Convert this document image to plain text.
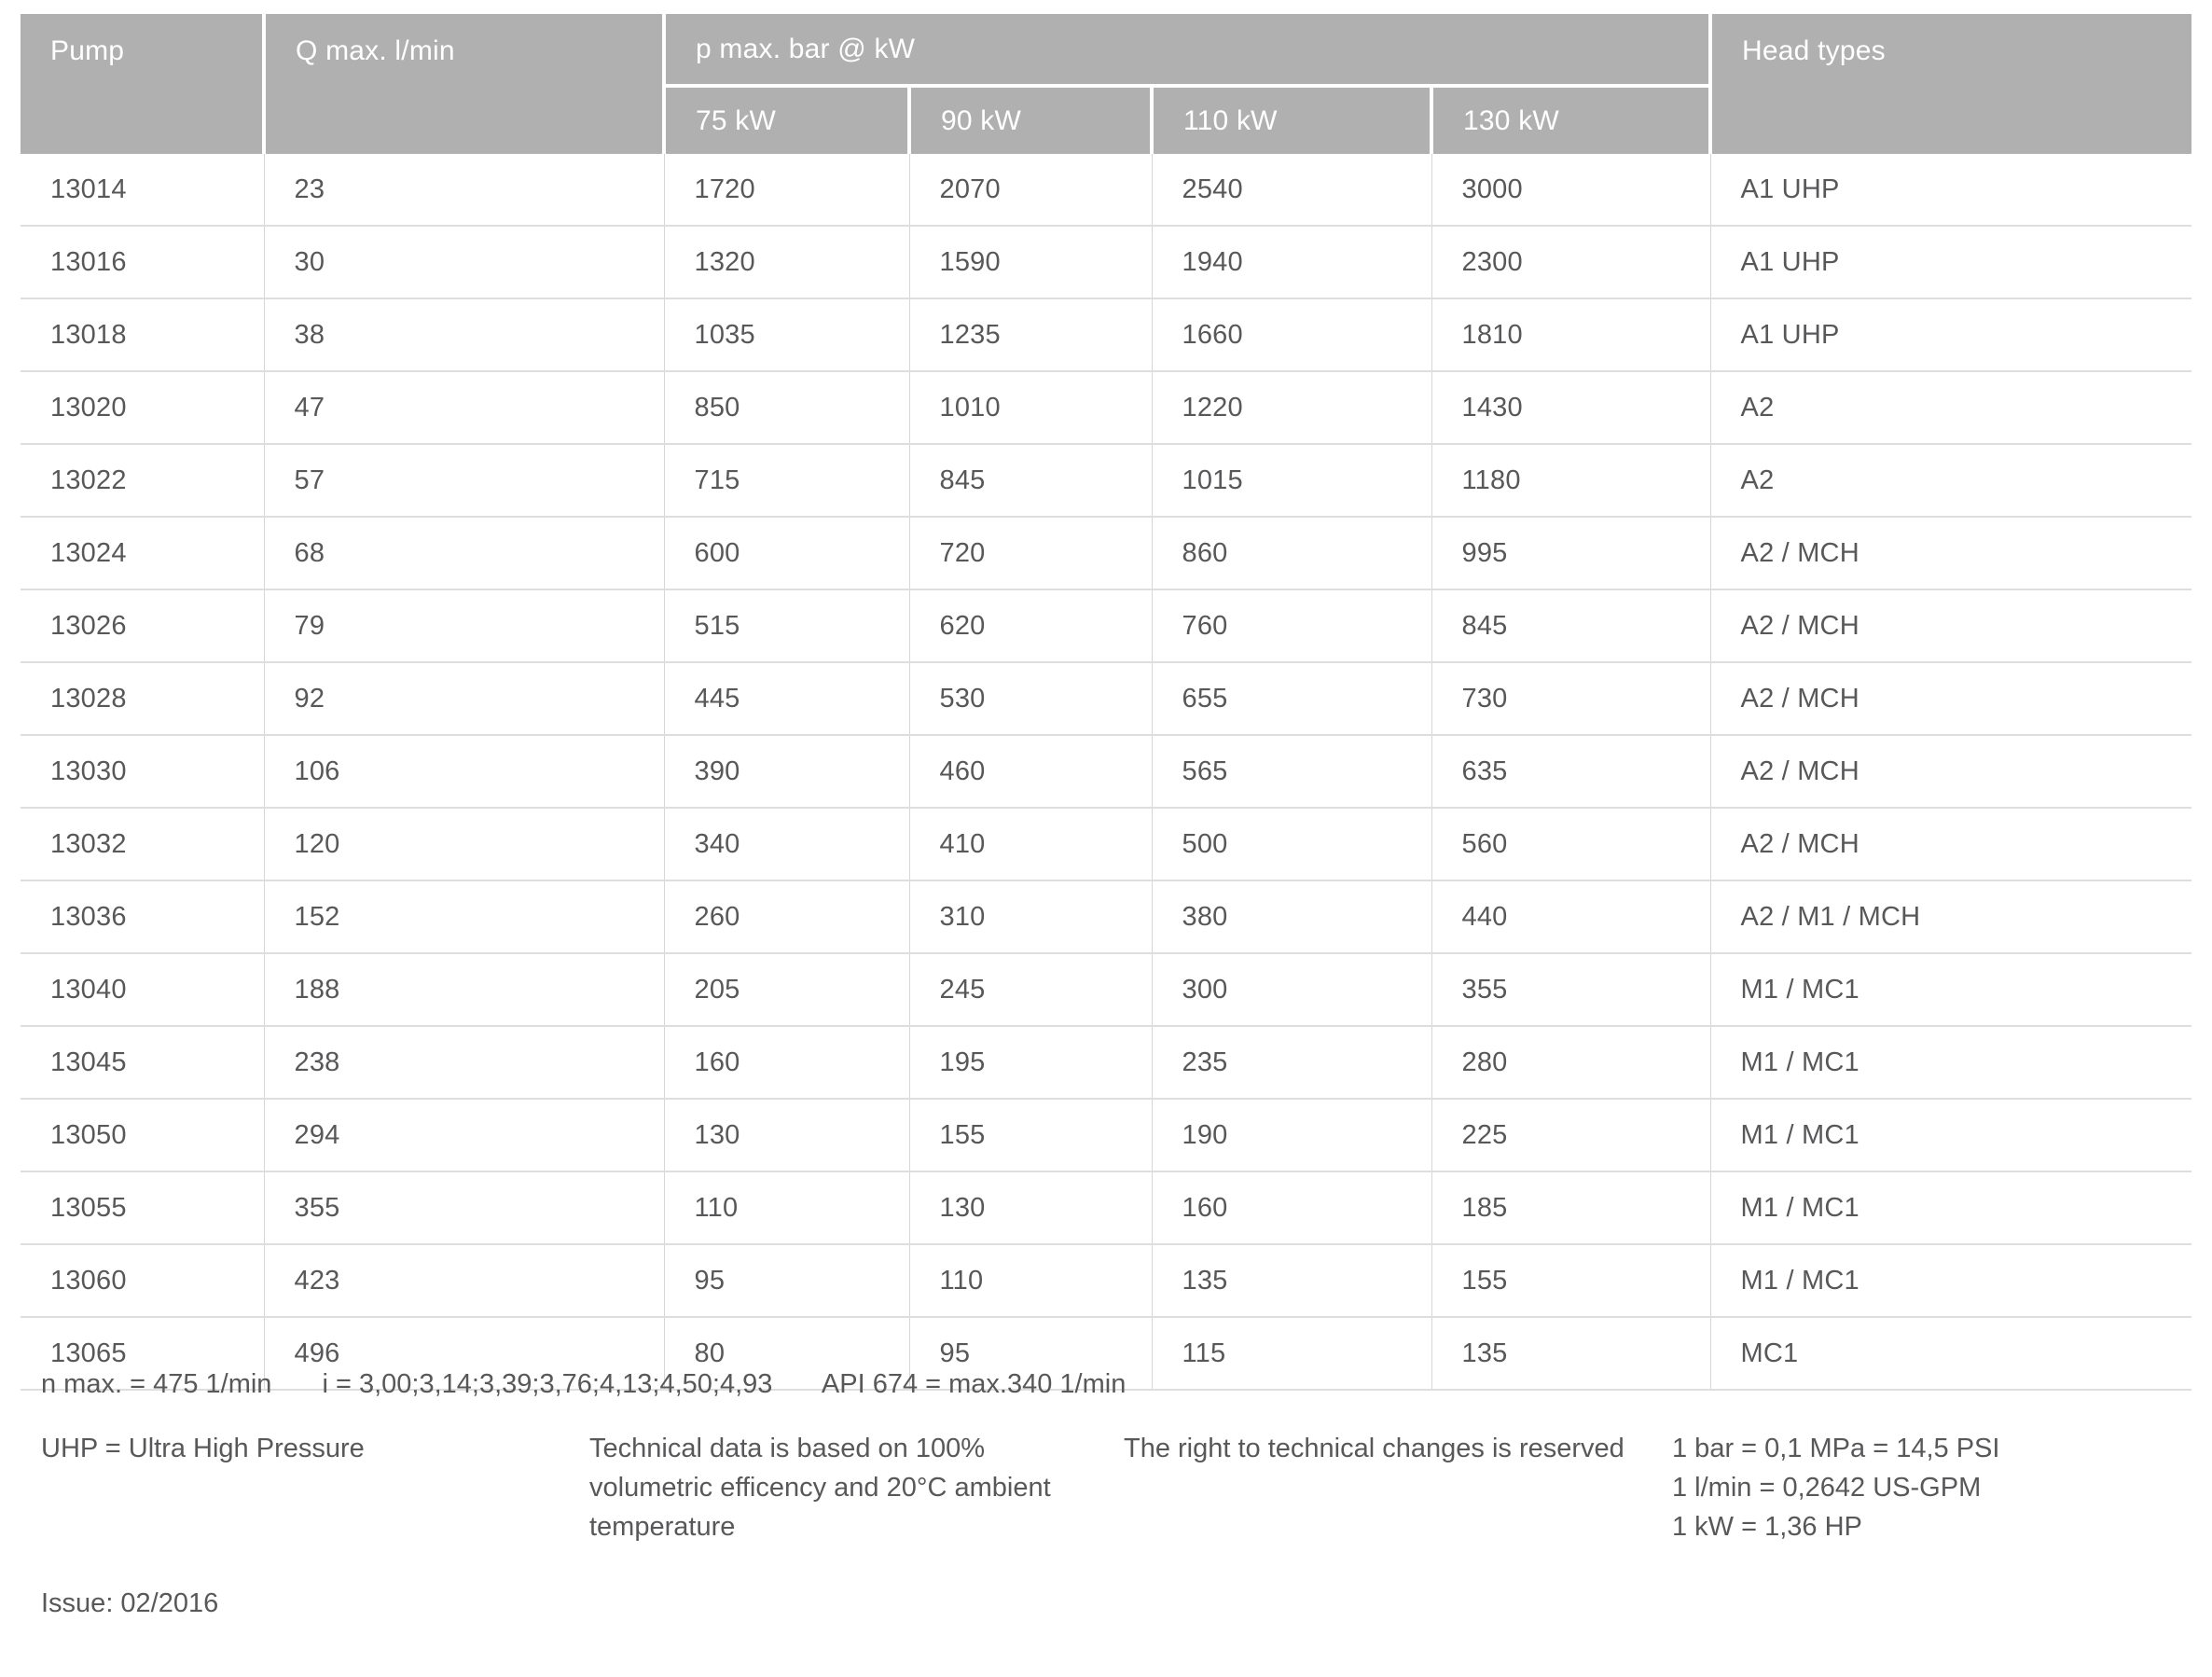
Pump	Q max. l/min	p max. bar @ kW				Head types
		75 kW	90 kW	110 kW	130 kW	
13014	23	1720	2070	2540	3000	A1 UHP
13016	30	1320	1590	1940	2300	A1 UHP
13018	38	1035	1235	1660	1810	A1 UHP
13020	47	850	1010	1220	1430	A2
13022	57	715	845	1015	1180	A2
13024	68	600	720	860	995	A2 / MCH
13026	79	515	620	760	845	A2 / MCH
13028	92	445	530	655	730	A2 / MCH
13030	106	390	460	565	635	A2 / MCH
13032	120	340	410	500	560	A2 / MCH
13036	152	260	310	380	440	A2 / M1 / MCH
13040	188	205	245	300	355	M1 / MC1
13045	238	160	195	235	280	M1 / MC1
13050	294	130	155	190	225	M1 / MC1
13055	355	110	130	160	185	M1 / MC1
13060	423	95	110	135	155	M1 / MC1
13065	496	80	95	115	135	MC1
n max. = 475 1/min i = 3,00;3,14;3,39;3,76;4,13;4,50;4,93 API 674 = max.340 1/min
UHP = Ultra High Pressure	Technical data is based on 100%
volumetric efficency and 20°C ambient
temperature
The right to technical changes is reserved 1 bar = 0,1 MPa = 14,5 PSI
1 l/min = 0,2642 US-GPM
1 kW = 1,36 HP
Issue: 02/2016
